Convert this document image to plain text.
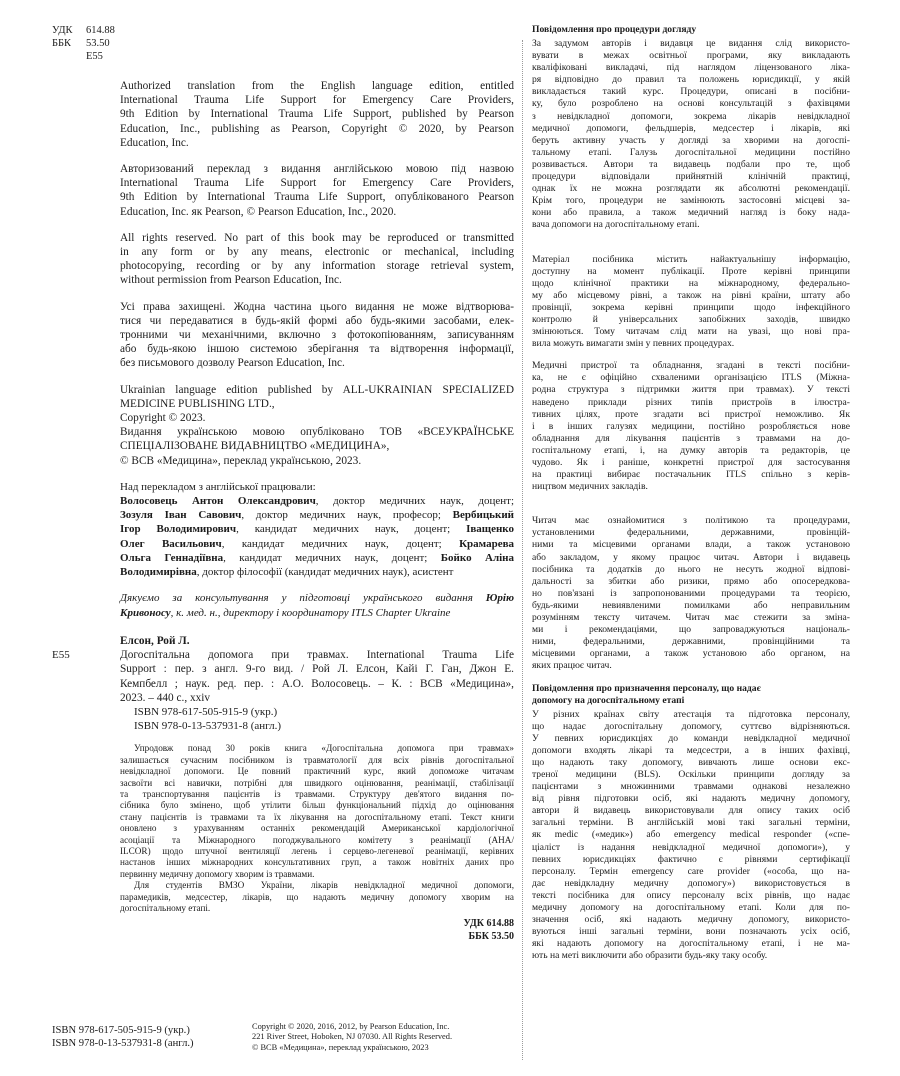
УДК	614.88
ББК	53.50
E55
Authorized translation from the English language edition, entitled
International Trauma Life Support for Emergency Care Providers,
9th Edition by International Trauma Life Support, published by Pearson
Education, Inc., publishing as Pearson, Copyright © 2020, by Pearson
Education, Inc.
Авторизований переклад з видання англійською мовою під назвою
International Trauma Life Support for Emergency Care Providers,
9th Edition by International Trauma Life Support, опублікованого Pearson
Education, Inc. як Pearson, © Pearson Education, Inc., 2020.
All rights reserved. No part of this book may be reproduced or transmitted
in any form or by any means, electronic or mechanical, including
photocopying, recording or by any information storage retrieval system,
without permission from Pearson Education, Inc.
Усі права захищені. Жодна частина цього видання не може відтворюва-
тися чи передаватися в будь-якій формі або будь-якими засобами, елек-
тронними чи механічними, включно з фотокопіюванням, записуванням
або будь-якою іншою системою зберігання та відтворення інформації,
без письмового дозволу Pearson Education, Inc.
Ukrainian language edition published by ALL-UKRAINIAN SPECIALIZED
MEDICINE PUBLISHING LTD.,
Copyright © 2023.
Видання українською мовою опубліковано ТОВ «ВСЕУКРАЇНСЬКЕ
СПЕЦІАЛІЗОВАНЕ ВИДАВНИЦТВО «МЕДИЦИНА»,
© ВСВ «Медицина», переклад українською, 2023.
Над перекладом з англійської працювали:
Волосовець Антон Олександрович, доктор медичних наук, доцент;
Зозуля Іван Савович, доктор медичних наук, професор; Вербицький
Ігор Володимирович, кандидат медичних наук, доцент; Іващенко
Олег Васильович, кандидат медичних наук, доцент; Крамарева
Ольга Геннадіївна, кандидат медичних наук, доцент; Бойко Аліна
Володимирівна, доктор філософії (кандидат медичних наук), асистент
Дякуємо за консультування у підготовці українського видання Юрію
Кривоносу, к. мед. н., директору і координатору ITLS Chapter Ukraine
Елсон, Рой Л.
E55	Догоспітальна допомога при травмах. International Trauma Life
Support : пер. з англ. 9-го вид. / Рой Л. Елсон, Кайі Г. Ган, Джон Е.
Кемпбелл ; наук. ред. пер. : А.О. Волосовець. – К. : ВСВ «Медицина»,
2023. – 440 с., xxiv
ISBN 978-617-505-915-9 (укр.)
ISBN 978-0-13-537931-8 (англ.)
Упродовж понад 30 років книга «Догоспітальна допомога при травмах»
залишається сучасним посібником із травматології для всіх рівнів догоспітальної
невідкладної допомоги. Це повний практичний курс, який допоможе читачам
засвоїти всі навички, потрібні для швидкого оцінювання, реанімації, стабілізації
та транспортування пацієнтів із травмами. Структуру дев'ятого видання по-
сібника було змінено, щоб утілити більш функціональний підхід до оцінювання
стану пацієнтів із травмами та їх лікування на догоспітальному етапі. Текст книги
оновлено з урахуванням останніх рекомендацій Американської кардіологічної
асоціації та Міжнародного погоджувального комітету з реанімації (AHA/
ILCOR) щодо штучної вентиляції легень і серцево-легеневої реанімації, керівних
настанов інших міжнародних консультативних груп, а також новітніх даних про
первинну медичну допомогу хворим із травмами.
Для студентів ВМЗО України, лікарів невідкладної медичної допомоги,
парамедиків, медсестер, лікарів, що надають медичну допомогу хворим на
догоспітальному етапі.
УДК 614.88
ББК 53.50
ISBN 978-617-505-915-9 (укр.)
ISBN 978-0-13-537931-8 (англ.)
Copyright © 2020, 2016, 2012, by Pearson Education, Inc.
221 River Street, Hoboken, NJ 07030. All Rights Reserved.
© ВСВ «Медицина», переклад українською, 2023
Повідомлення про процедури догляду
За задумом авторів і видавця це видання слід використо-
вувати в межах освітньої програми, яку викладають
кваліфіковані викладачі, під наглядом ліцензованого ліка-
ря відповідно до правил та положень юрисдикції, у якій
викладається такий курс. Процедури, описані в посібни-
ку, було розроблено на основі консультацій з фахівцями
з невідкладної допомоги, зокрема лікарів невідкладної
медичної допомоги, фельдшерів, медсестер і лікарів, які
беруть активну участь у догляді за хворими на догоспі-
тальному етапі. Галузь догоспітальної медицини постійно
розвивається. Автори та видавець подбали про те, щоб
процедури відповідали прийнятній клінічній практиці,
однак їх не можна розглядати як абсолютні рекомендації.
Крім того, процедури не замінюють застосовні місцеві за-
кони або правила, а також медичний нагляд із боку нада-
вача допомоги на догоспітальному етапі.
Матеріал посібника містить найактуальнішу інформацію,
доступну на момент публікації. Проте керівні принципи
щодо клінічної практики на міжнародному, федерально-
му або місцевому рівні, а також на рівні країни, штату або
провінції, зокрема керівні принципи щодо інфекційного
контролю й універсальних запобіжних заходів, швидко
змінюються. Тому читачам слід мати на увазі, що нові пра-
вила можуть вимагати змін у певних процедурах.
Медичні пристрої та обладнання, згадані в тексті посібни-
ка, не є офіційно схваленими організацією ITLS (Міжна-
родна структура з підтримки життя при травмах). У тексті
наведено приклади різних типів пристроїв в ілюстра-
тивних цілях, проте згадати всі пристрої неможливо. Як
і в інших галузях медицини, постійно розробляється нове
обладнання для лікування пацієнтів з травмами на до-
госпітальному етапі, і, на думку авторів та редакторів, це
чудово. Як і раніше, конкретні пристрої для застосування
на практиці вибирає постачальник ITLS спільно з керів-
ництвом медичних закладів.
Читач має ознайомитися з політикою та процедурами,
установленими федеральними, державними, провінцій-
ними та місцевими органами влади, а також установою
або закладом, у якому працює читач. Автори і видавець
посібника та додатків до нього не несуть жодної відпові-
дальності за збитки або ризики, прямо або опосередкова-
но пов'язані із запропонованими процедурами та теорією,
будь-якими невиявленими помилками або неправильним
розумінням тексту читачем. Читач має стежити за зміна-
ми і рекомендаціями, що запроваджуються національ-
ними, федеральними, державними, провінційними та
місцевими органами, а також установою або органом, на
яких працює читач.
Повідомлення про призначення персоналу, що надає
допомогу на догоспітальному етапі
У різних країнах світу атестація та підготовка персоналу,
що надає догоспітальну допомогу, суттєво відрізняються.
У певних юрисдикціях до команди невідкладної медичної
допомоги входять лікарі та медсестри, а в інших фахівці,
що надають таку допомогу, вивчають лише основи екс-
треної медицини (BLS). Оскільки принципи догляду за
пацієнтами з множинними травмами однакові незалежно
від рівня підготовки осіб, які надають медичну допомогу,
автори й видавець використовували для опису таких осіб
загальні терміни. В англійській мові такі загальні терміни,
як medic («медик») або emergency medical responder («спе-
ціаліст із надання невідкладної медичної допомоги»), у
певних юрисдикціях фактично є рівнями сертифікації
персоналу. Термін emergency care provider («особа, що на-
дає невідкладну медичну допомогу») використовується в
тексті посібника для опису персоналу всіх рівнів, що надає
медичну допомогу на догоспітальному етапі. Коли для по-
значення осіб, які надають медичну допомогу, використо-
вуються інші загальні терміни, вони позначають усіх осіб,
які надають допомогу на догоспітальному етапі, і не ма-
ють на меті виключити або образити будь-яку таку особу.
